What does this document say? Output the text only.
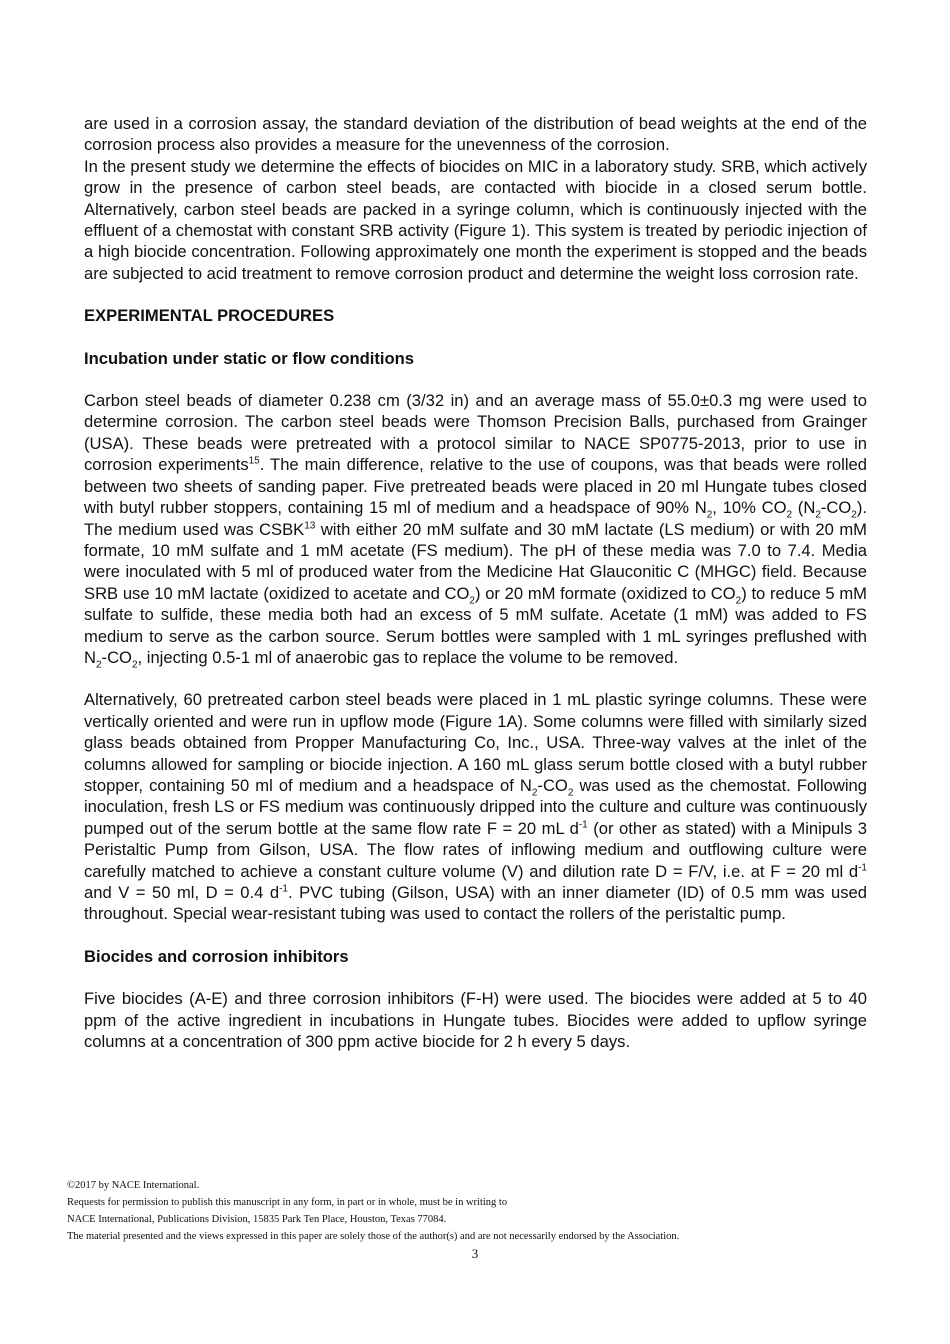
are used in a corrosion assay, the standard deviation of the distribution of bead weights at the end of the corrosion process also provides a measure for the unevenness of the corrosion.

In the present study we determine the effects of biocides on MIC in a laboratory study. SRB, which actively grow in the presence of carbon steel beads, are contacted with biocide in a closed serum bottle. Alternatively, carbon steel beads are packed in a syringe column, which is continuously injected with the effluent of a chemostat with constant SRB activity (Figure 1). This system is treated by periodic injection of a high biocide concentration. Following approximately one month the experiment is stopped and the beads are subjected to acid treatment to remove corrosion product and determine the weight loss corrosion rate.

EXPERIMENTAL PROCEDURES
Incubation under static or flow conditions

Carbon steel beads of diameter 0.238 cm (3/32 in) and an average mass of 55.0±0.3 mg were used to determine corrosion. The carbon steel beads were Thomson Precision Balls, purchased from Grainger (USA). These beads were pretreated with a protocol similar to NACE SP0775-2013, prior to use in corrosion experiments$^{15}$. The main difference, relative to the use of coupons, was that beads were rolled between two sheets of sanding paper. Five pretreated beads were placed in 20 ml Hungate tubes closed with butyl rubber stoppers, containing 15 ml of medium and a headspace of 90% $N_2$, 10% $CO_2$ $(N_2-CO_2)$. The medium used was CSBK$^{13}$ with either 20 mM sulfate and 30 mM lactate (LS medium) or with 20 mM formate, 10 mM sulfate and 1 mM acetate (FS medium). The pH of these media was 7.0 to 7.4. Media were inoculated with 5 ml of produced water from the Medicine Hat Glauconitic C (MHGC) field. Because SRB use 10 mM lactate (oxidized to acetate and $CO_2$) or 20 mM formate (oxidized to $CO_2$) to reduce 5 mM sulfate to sulfide, these media both had an excess of 5 mM sulfate. Acetate (1 mM) was added to FS medium to serve as the carbon source. Serum bottles were sampled with 1 mL syringes preflushed with $N_2-CO_2$, injecting 0.5-1 ml of anaerobic gas to replace the volume to be removed.

Alternatively, 60 pretreated carbon steel beads were placed in 1 mL plastic syringe columns. These were vertically oriented and were run in upflow mode (Figure 1A). Some columns were filled with similarly sized glass beads obtained from Propper Manufacturing Co, Inc., USA. Three-way valves at the inlet of the columns allowed for sampling or biocide injection. A 160 mL glass serum bottle closed with a butyl rubber stopper, containing 50 ml of medium and a headspace of $N_2-CO_2$ was used as the chemostat. Following inoculation, fresh LS or FS medium was continuously dripped into the culture and culture was continuously pumped out of the serum bottle at the same flow rate F = 20 mL $d^{-1}$ (or other as stated) with a Minipuls 3 Peristaltic Pump from Gilson, USA. The flow rates of inflowing medium and outflowing culture were carefully matched to achieve a constant culture volume (V) and dilution rate D = F/V, i.e. at F = 20 ml $d^{-1}$ and V = 50 ml, D = 0.4 $d^{-1}$. PVC tubing (Gilson, USA) with an inner diameter (ID) of 0.5 mm was used throughout. Special wear-resistant tubing was used to contact the rollers of the peristaltic pump.

Biocides and corrosion inhibitors

Five biocides (A-E) and three corrosion inhibitors (F-H) were used. The biocides were added at 5 to 40 ppm of the active ingredient in incubations in Hungate tubes. Biocides were added to upflow syringe columns at a concentration of 300 ppm active biocide for 2 h every 5 days.

©2017 by NACE International.
Requests for permission to publish this manuscript in any form, in part or in whole, must be in writing to
NACE International, Publications Division, 15835 Park Ten Place, Houston, Texas 77084.
The material presented and the views expressed in this paper are solely those of the author(s) and are not necessarily endorsed by the Association.
3
